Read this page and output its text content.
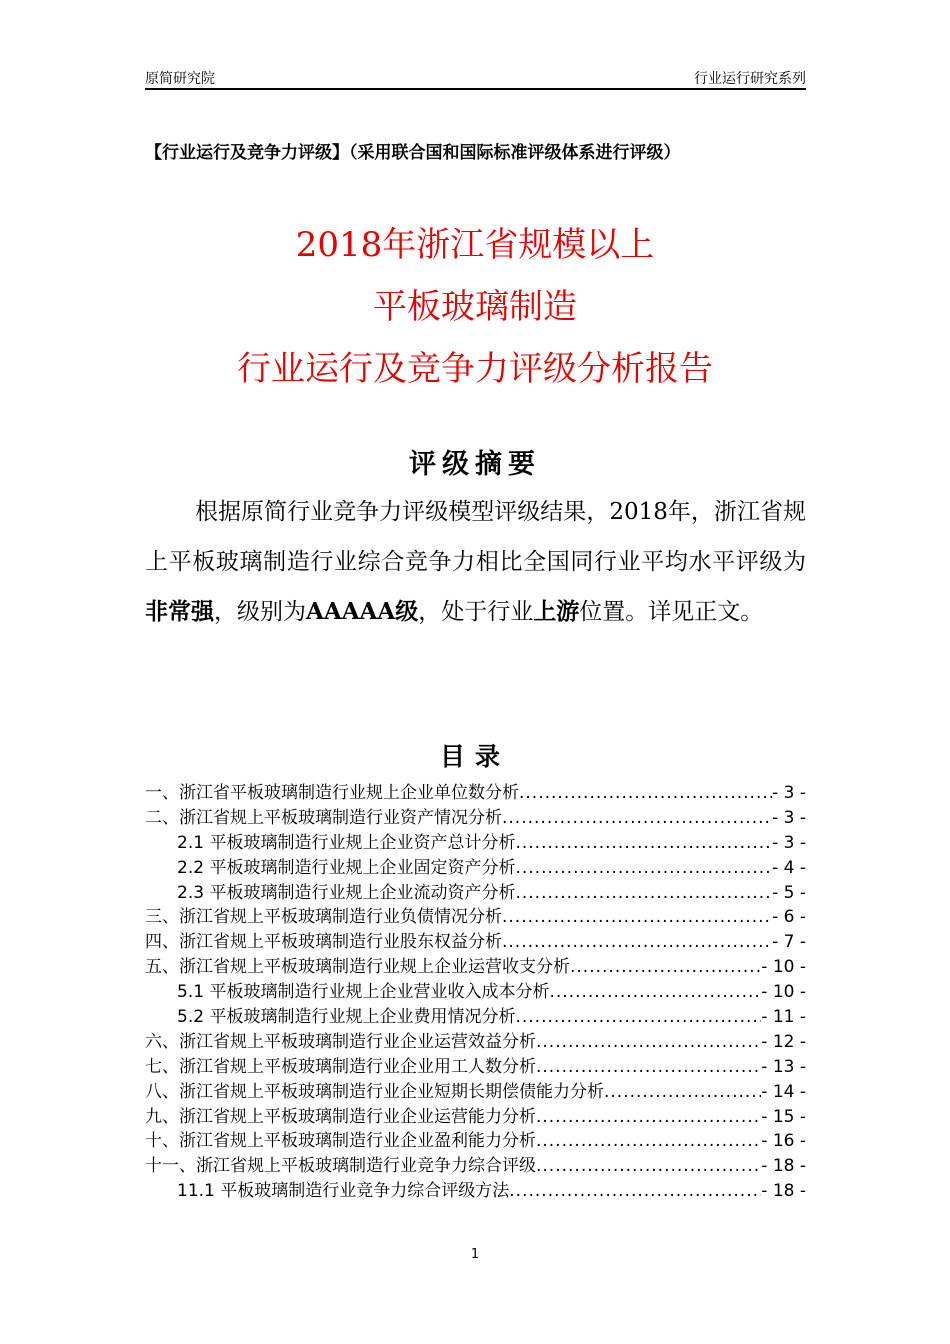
原简研究院	行业运行研究系列
【行业运行及竞争力评级】（采用联合国和国际标准评级体系进行评级）
2018年浙江省规模以上
平板玻璃制造
行业运行及竞争力评级分析报告
评级摘要
根据原简行业竞争力评级模型评级结果，2018年，浙江省规上平板玻璃制造行业综合竞争力相比全国同行业平均水平评级为非常强，级别为AAAAA级，处于行业上游位置。详见正文。
目录
一、浙江省平板玻璃制造行业规上企业单位数分析 .....	- 3 -
二、浙江省规上平板玻璃制造行业资产情况分析 .....	- 3 -
2.1 平板玻璃制造行业规上企业资产总计分析 .....	- 3 -
2.2 平板玻璃制造行业规上企业固定资产分析 .....	- 4 -
2.3 平板玻璃制造行业规上企业流动资产分析 .....	- 5 -
三、浙江省规上平板玻璃制造行业负债情况分析 .....	- 6 -
四、浙江省规上平板玻璃制造行业股东权益分析 .....	- 7 -
五、浙江省规上平板玻璃制造行业规上企业运营收支分析 .....	- 10 -
5.1 平板玻璃制造行业规上企业营业收入成本分析 .....	- 10 -
5.2 平板玻璃制造行业规上企业费用情况分析 .....	- 11 -
六、浙江省规上平板玻璃制造行业企业运营效益分析 .....	- 12 -
七、浙江省规上平板玻璃制造行业企业用工人数分析 .....	- 13 -
八、浙江省规上平板玻璃制造行业企业短期长期偿债能力分析 .....	- 14 -
九、浙江省规上平板玻璃制造行业企业运营能力分析 .....	- 15 -
十、浙江省规上平板玻璃制造行业企业盈利能力分析 .....	- 16 -
十一、浙江省规上平板玻璃制造行业竞争力综合评级 .....	- 18 -
11.1 平板玻璃制造行业竞争力综合评级方法 .....	- 18 -
1
